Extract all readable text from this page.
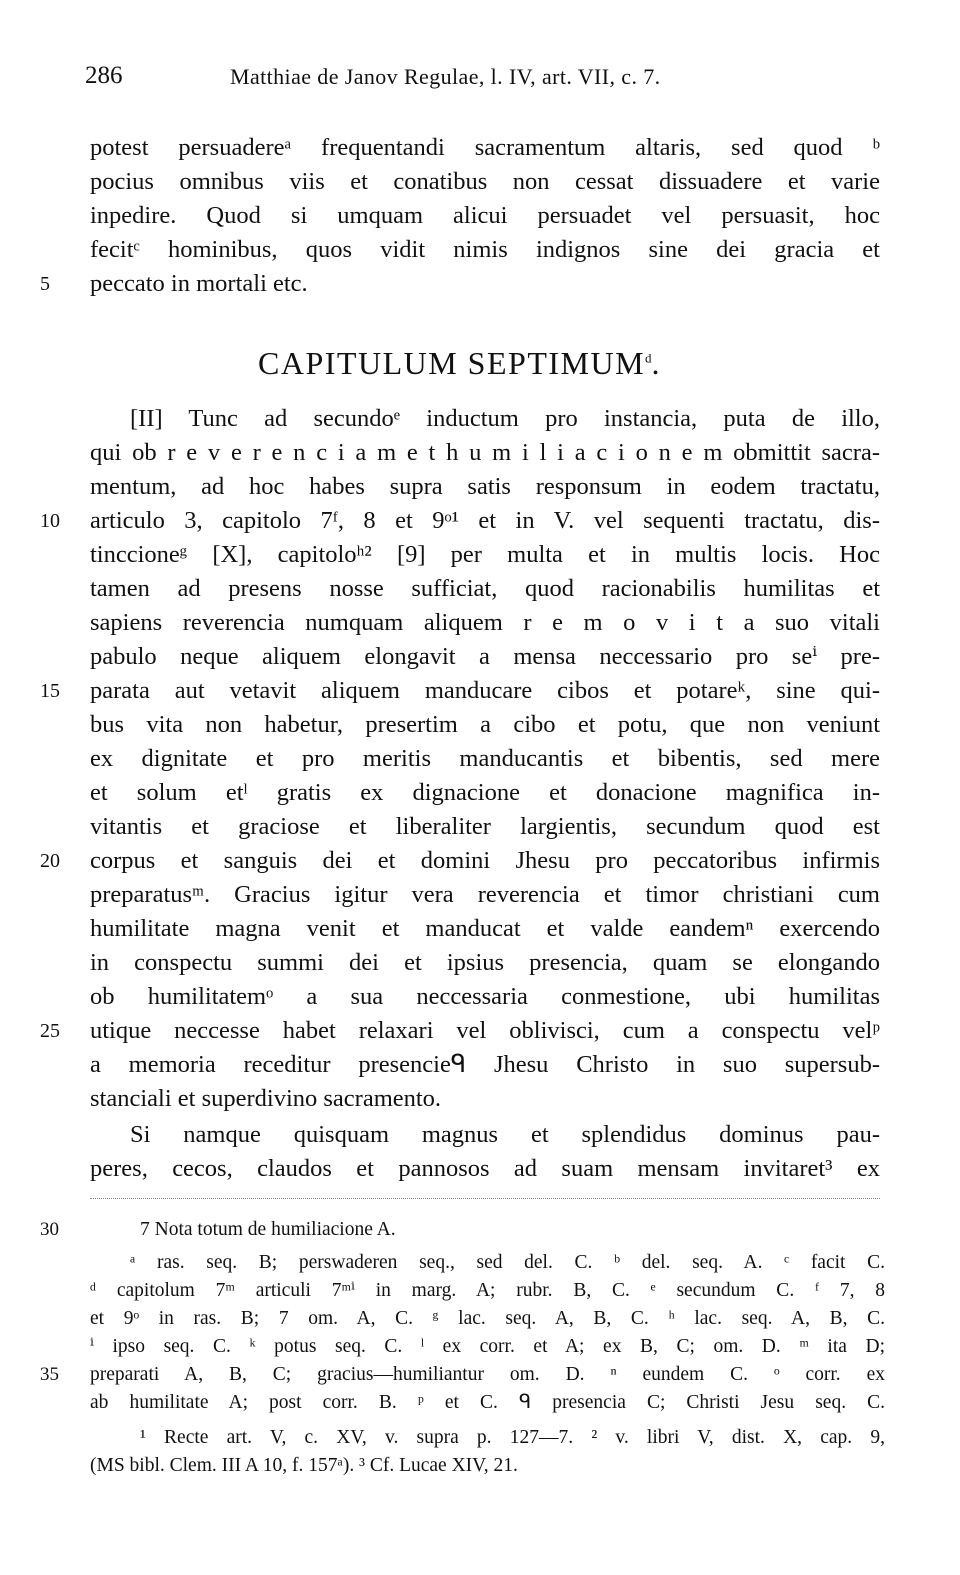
286	Matthiae de Janov Regulae, l. IV, art. VII, c. 7.
potest persuadereᵃ frequentandi sacramentum altaris, sed quod ᵇ
pocius omnibus viis et conatibus non cessat dissuadere et varie
inpedire. Quod si umquam alicui persuadet vel persuasit, hoc
fecitᶜ hominibus, quos vidit nimis indignos sine dei gracia et
5	peccato in mortali etc.
CAPITULUM SEPTIMUM$^d$.
[II] Tunc ad secundoᵉ inductum pro instancia, puta de illo,
qui ob r e v e r e n c i a m e t h u m i l i a c i o n e m obmittit sacra-
mentum, ad hoc habes supra satis responsum in eodem tractatu,
10	articulo 3, capitolo 7ᶠ, 8 et 9ᵒ¹ et in V. vel sequenti tractatu, dis-
tinccioneᵍ [X], capitoloʰ² [9] per multa et in multis locis. Hoc
tamen ad presens nosse sufficiat, quod racionabilis humilitas et
sapiens reverencia numquam aliquem r e m o v i t a suo vitali
pabulo neque aliquem elongavit a mensa neccessario pro seⁱ pre-
15	parata aut vetavit aliquem manducare cibos et potareᵏ, sine qui-
bus vita non habetur, presertim a cibo et potu, que non veniunt
ex dignitate et pro meritis manducantis et bibentis, sed mere
et solum etˡ gratis ex dignacione et donacione magnifica in-
vitantis et graciose et liberaliter largientis, secundum quod est
20	corpus et sanguis dei et domini Jhesu pro peccatoribus infirmis
preparatusᵐ. Gracius igitur vera reverencia et timor christiani cum
humilitate magna venit et manducat et valde eandemⁿ exercendo
in conspectu summi dei et ipsius presencia, quam se elongando
ob humilitatemᵒ a sua neccessaria conmestione, ubi humilitas
25	utique neccesse habet relaxari vel oblivisci, cum a conspectu velᵖ
a memoria receditur presencieᑫ Jhesu Christo in suo supersub-
stanciali et superdivino sacramento.
Si namque quisquam magnus et splendidus dominus pau-
peres, cecos, claudos et pannosos ad suam mensam invitaret³ ex
30	7 Nota totum de humiliacione A.
ᵃ ras. seq. B; perswaderen seq., sed del. C. ᵇ del. seq. A. ᶜ facit C.
ᵈ capitolum 7ᵐ articuli 7ᵐⁱ in marg. A; rubr. B, C. ᵉ secundum C. ᶠ 7, 8
et 9ᵒ in ras. B; 7 om. A, C. ᵍ lac. seq. A, B, C. ʰ lac. seq. A, B, C.
ⁱ ipso seq. C. ᵏ potus seq. C. ˡ ex corr. et A; ex B, C; om. D. ᵐ ita D;
35	preparati A, B, C; gracius—humiliantur om. D. ⁿ eundem C. ᵒ corr. ex
ab humilitate A; post corr. B. ᵖ et C. ᑫ presencia C; Christi Jesu seq. C.
¹ Recte art. V, c. XV, v. supra p. 127—7. ² v. libri V, dist. X, cap. 9,
(MS bibl. Clem. III A 10, f. 157ᵃ). ³ Cf. Lucae XIV, 21.
